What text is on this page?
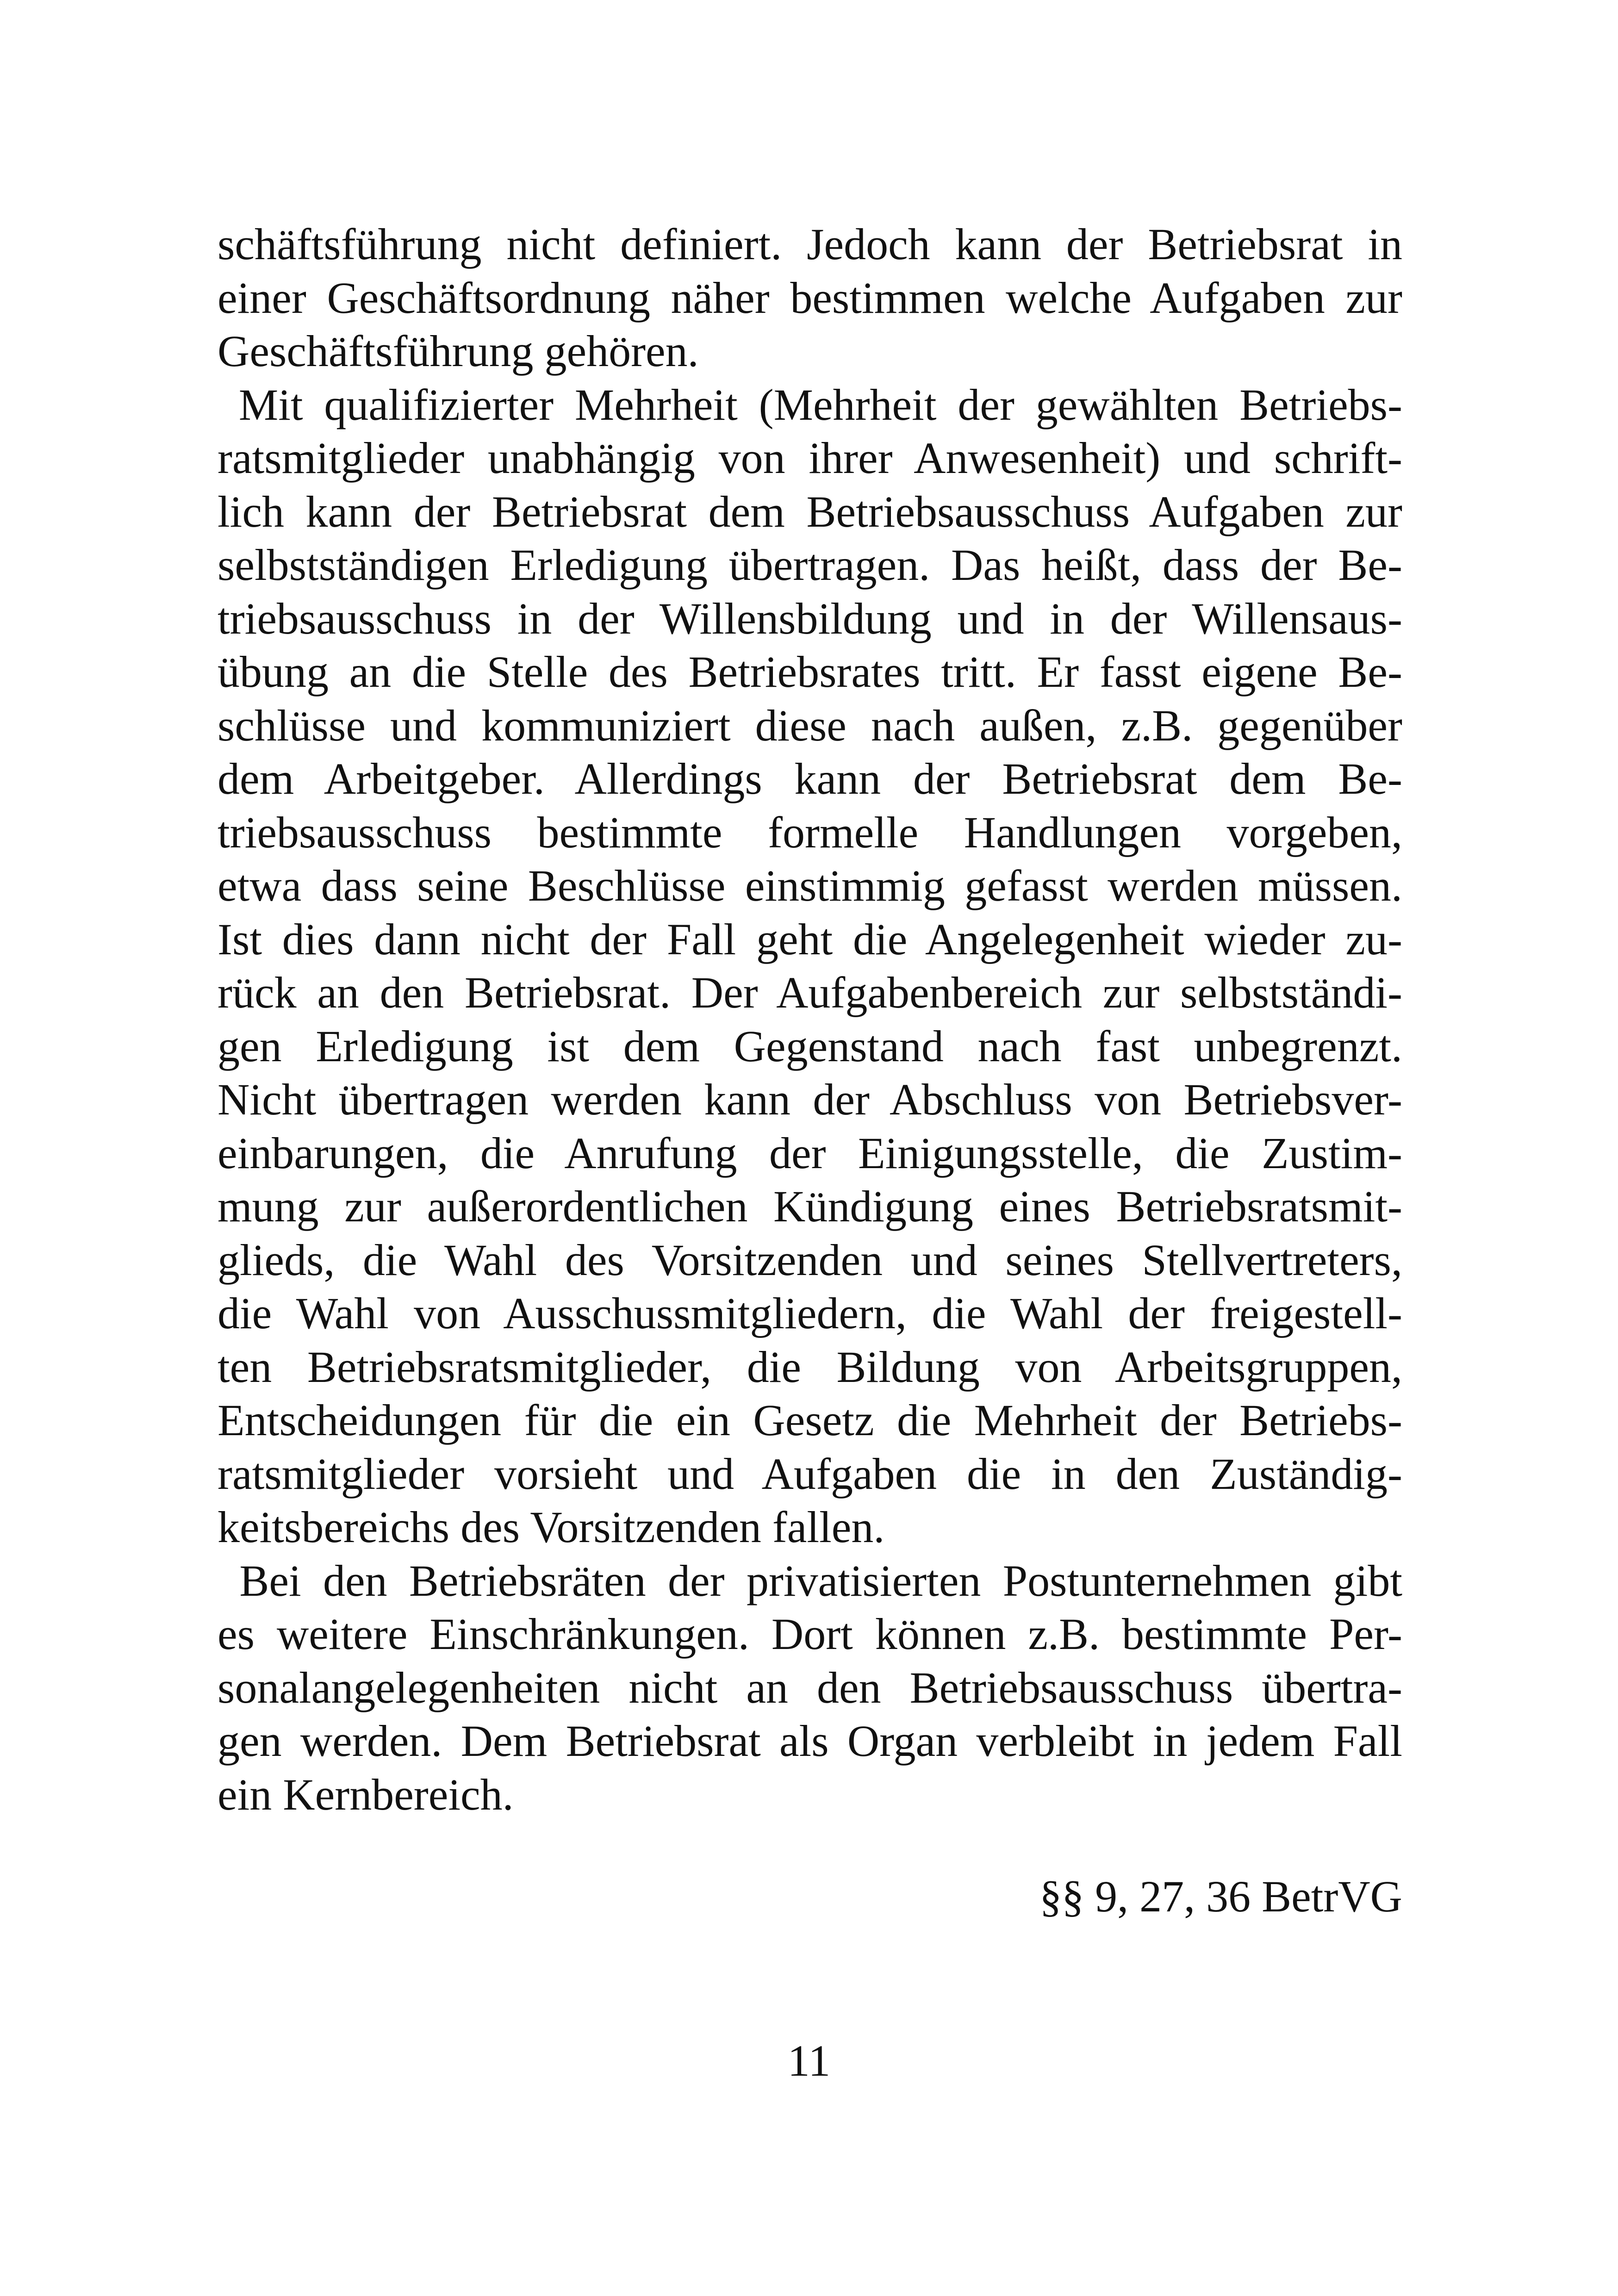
schäftsführung nicht definiert. Jedoch kann der Betriebsrat in
einer Geschäftsordnung näher bestimmen welche Aufgaben zur
Geschäftsführung gehören.
Mit qualifizierter Mehrheit (Mehrheit der gewählten Betriebs-
ratsmitglieder unabhängig von ihrer Anwesenheit) und schrift-
lich kann der Betriebsrat dem Betriebsausschuss Aufgaben zur
selbstständigen Erledigung übertragen. Das heißt, dass der Be-
triebsausschuss in der Willensbildung und in der Willensaus-
übung an die Stelle des Betriebsrates tritt. Er fasst eigene Be-
schlüsse und kommuniziert diese nach außen, z.B. gegenüber
dem Arbeitgeber. Allerdings kann der Betriebsrat dem Be-
triebsausschuss bestimmte formelle Handlungen vorgeben,
etwa dass seine Beschlüsse einstimmig gefasst werden müssen.
Ist dies dann nicht der Fall geht die Angelegenheit wieder zu-
rück an den Betriebsrat. Der Aufgabenbereich zur selbstständi-
gen Erledigung ist dem Gegenstand nach fast unbegrenzt.
Nicht übertragen werden kann der Abschluss von Betriebsver-
einbarungen, die Anrufung der Einigungsstelle, die Zustim-
mung zur außerordentlichen Kündigung eines Betriebsratsmit-
glieds, die Wahl des Vorsitzenden und seines Stellvertreters,
die Wahl von Ausschussmitgliedern, die Wahl der freigestell-
ten Betriebsratsmitglieder, die Bildung von Arbeitsgruppen,
Entscheidungen für die ein Gesetz die Mehrheit der Betriebs-
ratsmitglieder vorsieht und Aufgaben die in den Zuständig-
keitsbereichs des Vorsitzenden fallen.
Bei den Betriebsräten der privatisierten Postunternehmen gibt
es weitere Einschränkungen. Dort können z.B. bestimmte Per-
sonalangelegenheiten nicht an den Betriebsausschuss übertra-
gen werden. Dem Betriebsrat als Organ verbleibt in jedem Fall
ein Kernbereich.
§§ 9, 27, 36 BetrVG
11
